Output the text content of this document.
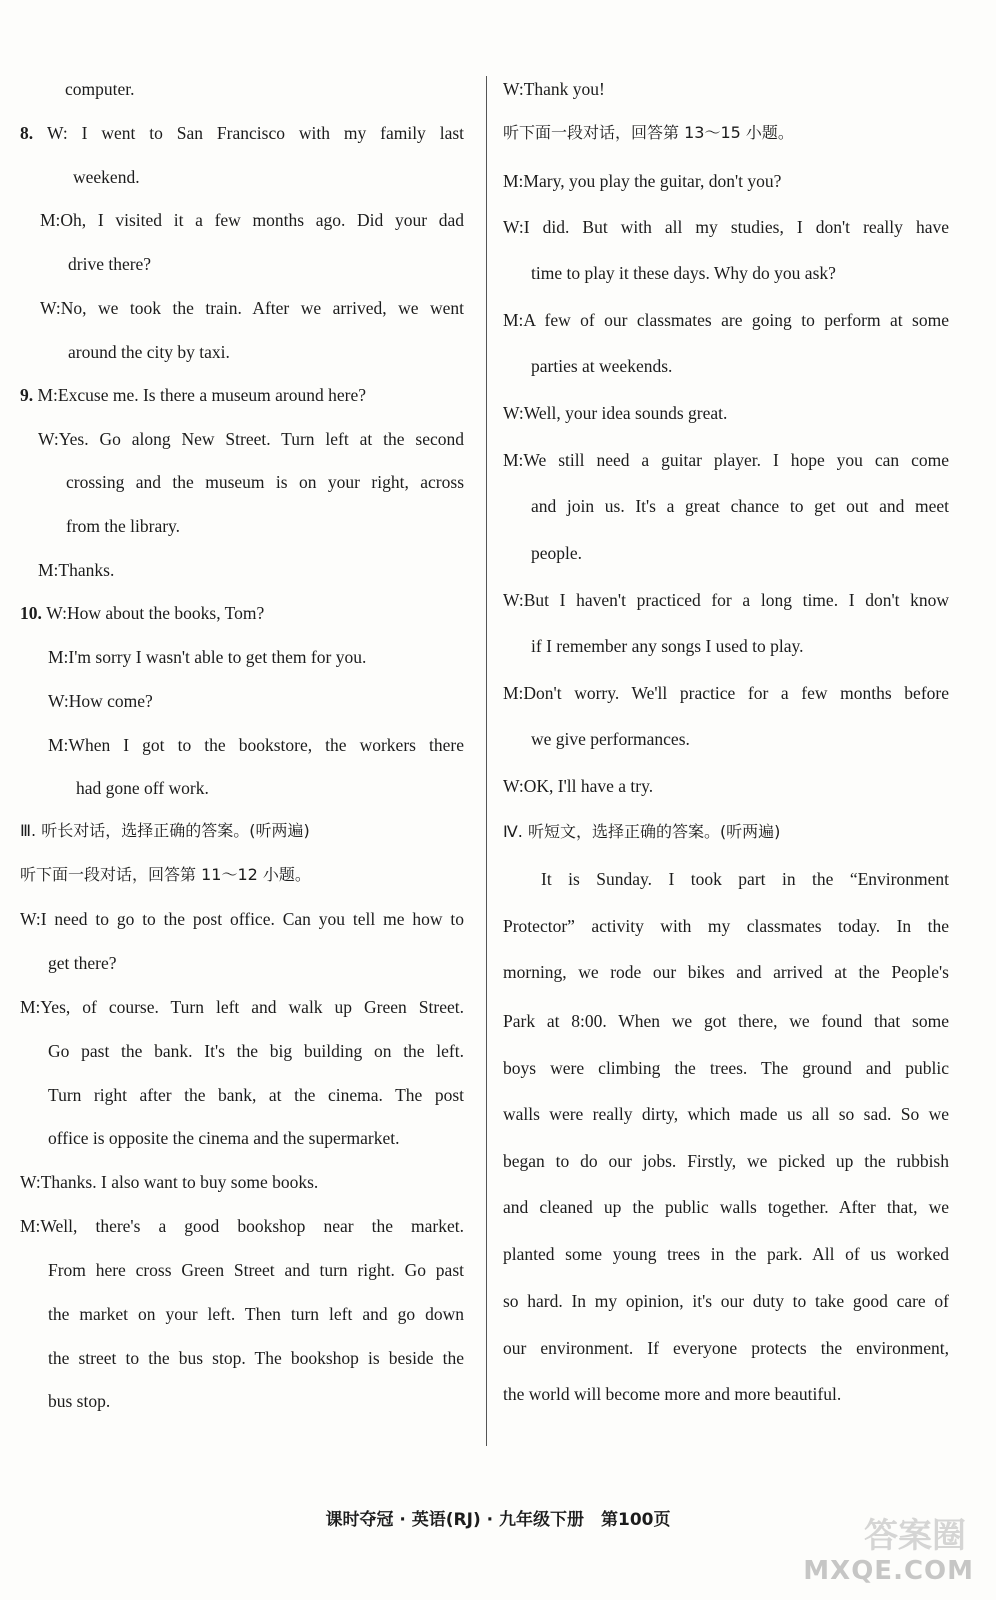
computer.
8. W: I went to San Francisco with my family last
weekend.
M:Oh, I visited it a few months ago. Did your dad
drive there?
W:No, we took the train. After we arrived, we went
around the city by taxi.
9. M:Excuse me. Is there a museum around here?
W:Yes. Go along New Street. Turn left at the second
crossing and the museum is on your right, across
from the library.
M:Thanks.
10. W:How about the books, Tom?
M:I'm sorry I wasn't able to get them for you.
W:How come?
M:When I got to the bookstore, the workers there
had gone off work.
Ⅲ. 听长对话，选择正确的答案。(听两遍)
听下面一段对话，回答第 11～12 小题。
W:I need to go to the post office. Can you tell me how to
get there?
M:Yes, of course. Turn left and walk up Green Street.
Go past the bank. It's the big building on the left.
Turn right after the bank, at the cinema. The post
office is opposite the cinema and the supermarket.
W:Thanks. I also want to buy some books.
M:Well, there's a good bookshop near the market.
From here cross Green Street and turn right. Go past
the market on your left. Then turn left and go down
the street to the bus stop. The bookshop is beside the
bus stop.
W:Thank you!
听下面一段对话，回答第 13～15 小题。
M:Mary, you play the guitar, don't you?
W:I did. But with all my studies, I don't really have
time to play it these days. Why do you ask?
M:A few of our classmates are going to perform at some
parties at weekends.
W:Well, your idea sounds great.
M:We still need a guitar player. I hope you can come
and join us. It's a great chance to get out and meet
people.
W:But I haven't practiced for a long time. I don't know
if I remember any songs I used to play.
M:Don't worry. We'll practice for a few months before
we give performances.
W:OK, I'll have a try.
Ⅳ. 听短文，选择正确的答案。(听两遍)
It is Sunday. I took part in the “Environment
Protector” activity with my classmates today. In the
morning, we rode our bikes and arrived at the People's
Park at 8:00. When we got there, we found that some
boys were climbing the trees. The ground and public
walls were really dirty, which made us all so sad. So we
began to do our jobs. Firstly, we picked up the rubbish
and cleaned up the public walls together. After that, we
planted some young trees in the park. All of us worked
so hard. In my opinion, it's our duty to take good care of
our environment. If everyone protects the environment,
the world will become more and more beautiful.
课时夺冠 · 英语(RJ) · 九年级下册　第100页	答案圈
MXQE.COM
